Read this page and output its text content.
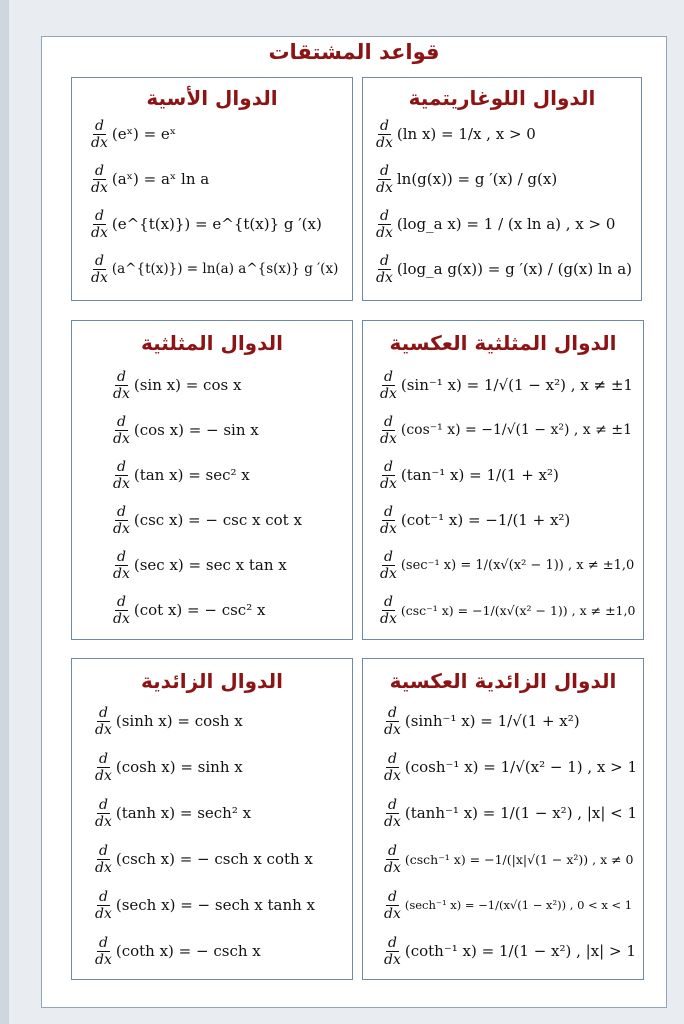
قواعد المشتقات
الدوال الأسية
$\frac{d}{dx}$ (eˣ) = eˣ
$\frac{d}{dx}$ (aˣ) = aˣ ln a
$\frac{d}{dx}$ (e^{t(x)}) = e^{t(x)} g ′(x)
$\frac{d}{dx}$ (a^{t(x)}) = ln(a) a^{s(x)} g ′(x)
الدوال اللوغاريتمية
$\frac{d}{dx} (\ln$ x) = 1/x , x > 0
$\frac{d}{dx} \ln(g(x)) = g$ ′(x) / g(x)
$\frac{d}{dx}$ (log_a x) = 1 / (x ln a) , x > 0
$\frac{d}{dx}$ (log_a g(x)) = g ′(x) / (g(x) ln a)
الدوال المثلثية
$\frac{d}{dx} (\sin$ x) = cos x
$\frac{d}{dx} (\cos$ x) = − sin x
$\frac{d}{dx} (\tan$ x) = sec² x
$\frac{d}{dx} (\csc$ x) = − csc x cot x
$\frac{d}{dx} (\sec$ x) = sec x tan x
$\frac{d}{dx} (\cot$ x) = − csc² x
الدوال المثلثية العكسية
$\frac{d}{dx} (\sin^{-1}$ x) = 1/√(1 − x²) , x ≠ ±1
$\frac{d}{dx} (\cos^{-1}$ x) = −1/√(1 − x²) , x ≠ ±1
$\frac{d}{dx} (\tan^{-1}$ x) = 1/(1 + x²)
$\frac{d}{dx} (\cot^{-1}$ x) = −1/(1 + x²)
$\frac{d}{dx} (\sec^{-1}$ x) = 1/(x√(x² − 1)) , x ≠ ±1,0
$\frac{d}{dx} (\csc^{-1}$ x) = −1/(x√(x² − 1)) , x ≠ ±1,0
الدوال الزائدية
$\frac{d}{dx} (\sinh$ x) = cosh x
$\frac{d}{dx} (\cosh$ x) = sinh x
$\frac{d}{dx} (\tanh$ x) = sech² x
$\frac{d}{dx} (\csc h$ x) = − csch x coth x
$\frac{d}{dx} (\sec h$ x) = − sech x tanh x
$\frac{d}{dx} (\cot h$ x) = − csch x
الدوال الزائدية العكسية
$\frac{d}{dx} (\sinh^{-1}$ x) = 1/√(1 + x²)
$\frac{d}{dx} (\cosh^{-1}$ x) = 1/√(x² − 1) , x > 1
$\frac{d}{dx} (\tanh^{-1}$ x) = 1/(1 − x²) , |x| < 1
$\frac{d}{dx} (\csc h^{-1}$ x) = −1/(|x|√(1 − x²)) , x ≠ 0
$\frac{d}{dx} (\sec h^{-1}$ x) = −1/(x√(1 − x²)) , 0 < x < 1
$\frac{d}{dx} (\cot h^{-1}$ x) = 1/(1 − x²) , |x| > 1
